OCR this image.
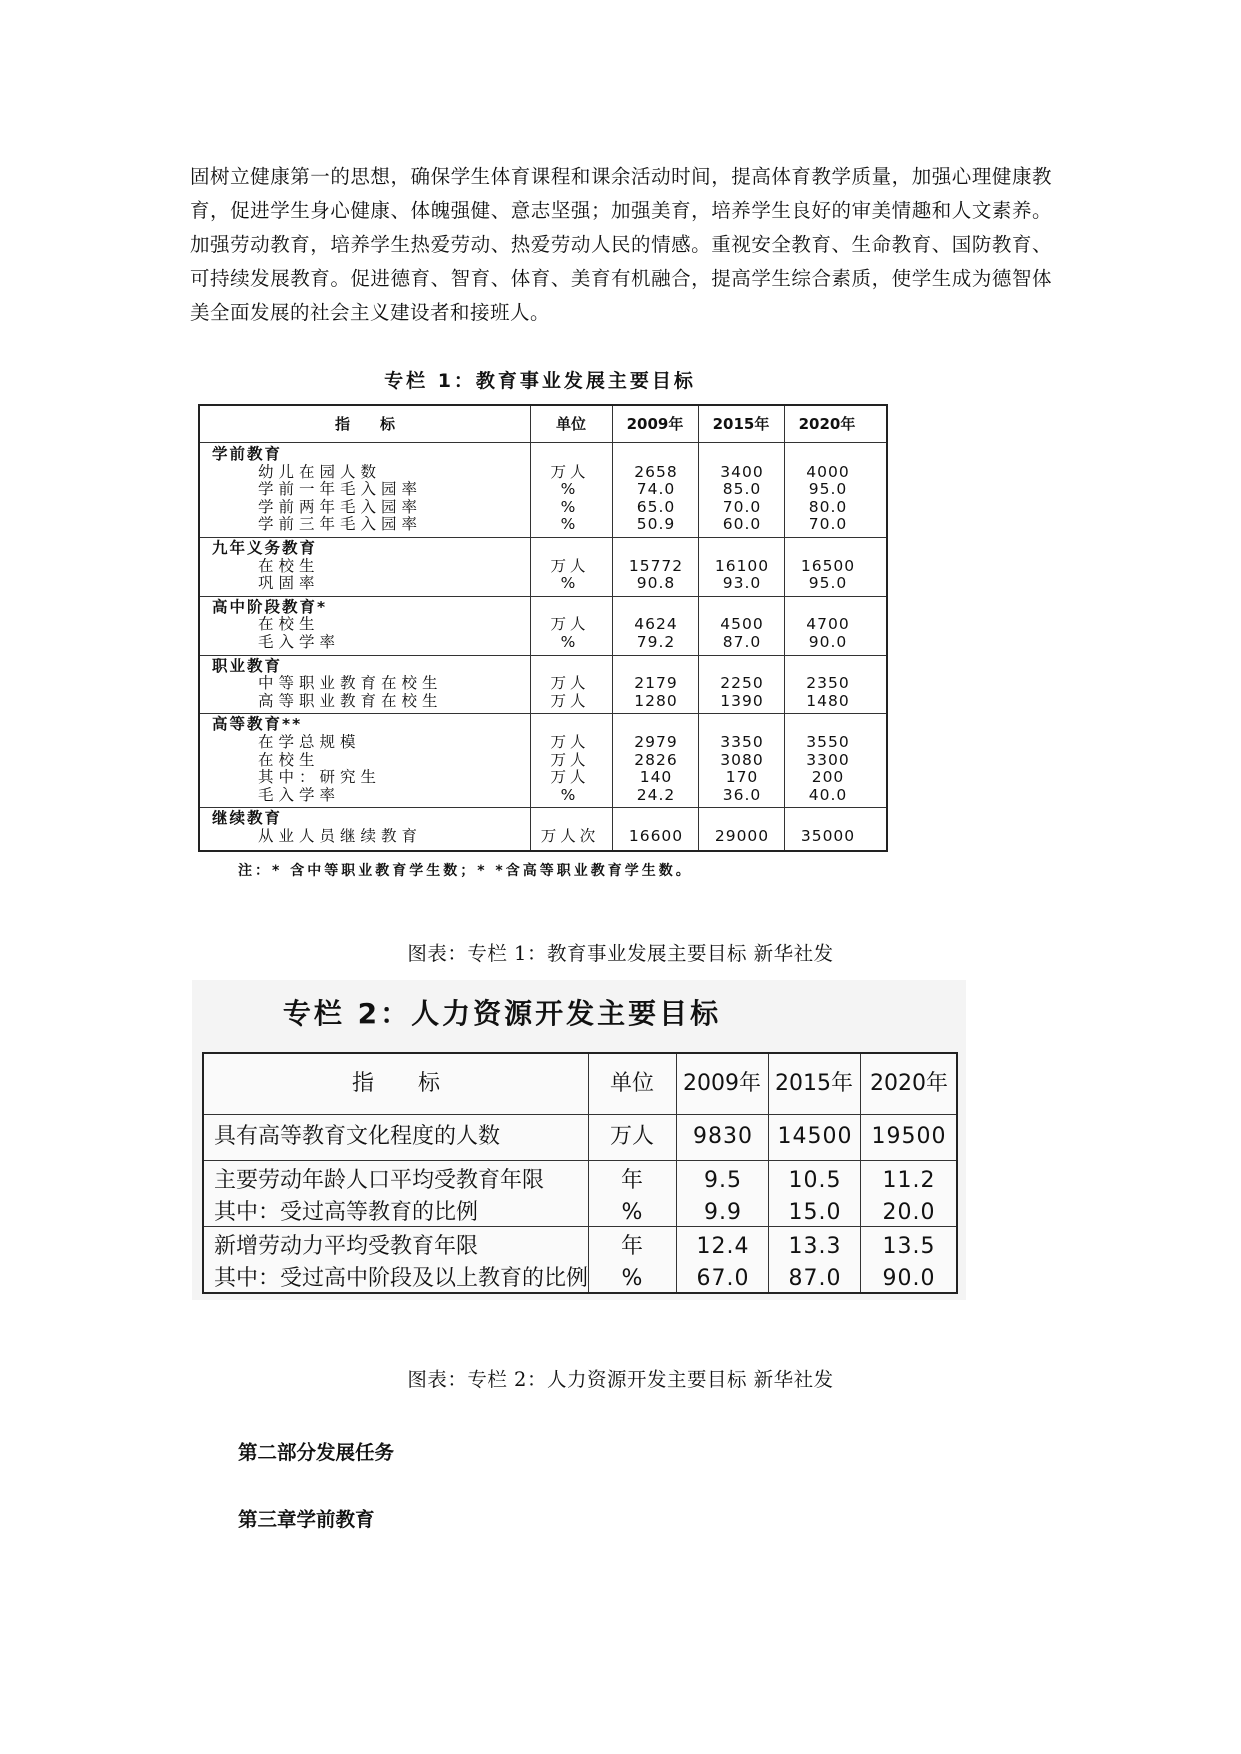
固树立健康第一的思想，确保学生体育课程和课余活动时间，提高体育教学质量，加强心理健康教育，促进学生身心健康、体魄强健、意志坚强；加强美育，培养学生良好的审美情趣和人文素养。加强劳动教育，培养学生热爱劳动、热爱劳动人民的情感。重视安全教育、生命教育、国防教育、可持续发展教育。促进德育、智育、体育、美育有机融合，提高学生综合素质，使学生成为德智体美全面发展的社会主义建设者和接班人。
专栏 1：教育事业发展主要目标
指　　标	单位	2009年	2015年	2020年
学前教育
幼儿在园人数	万人	2658	3400	4000
学前一年毛入园率	%	74.0	85.0	95.0
学前两年毛入园率	%	65.0	70.0	80.0
学前三年毛入园率	%	50.9	60.0	70.0
九年义务教育
在校生	万人	15772	16100	16500
巩固率	%	90.8	93.0	95.0
高中阶段教育*
在校生	万人	4624	4500	4700
毛入学率	%	79.2	87.0	90.0
职业教育
中等职业教育在校生	万人	2179	2250	2350
高等职业教育在校生	万人	1280	1390	1480
高等教育**
在学总规模	万人	2979	3350	3550
在校生	万人	2826	3080	3300
其中：研究生	万人	140	170	200
毛入学率	%	24.2	36.0	40.0
继续教育
从业人员继续教育	万人次	16600	29000	35000
注：* 含中等职业教育学生数；* *含高等职业教育学生数。
图表：专栏 1：教育事业发展主要目标 新华社发
专栏 2：人力资源开发主要目标
指　　标	单位	2009年 2015年 2020年
具有高等教育文化程度的人数	万人	9830	14500 19500
主要劳动年龄人口平均受教育年限	年	9.5	10.5	11.2
其中：受过高等教育的比例	%	9.9	15.0	20.0
新增劳动力平均受教育年限	年	12.4	13.3	13.5
其中：受过高中阶段及以上教育的比例	%	67.0	87.0	90.0
图表：专栏 2：人力资源开发主要目标 新华社发
第二部分发展任务
第三章学前教育
